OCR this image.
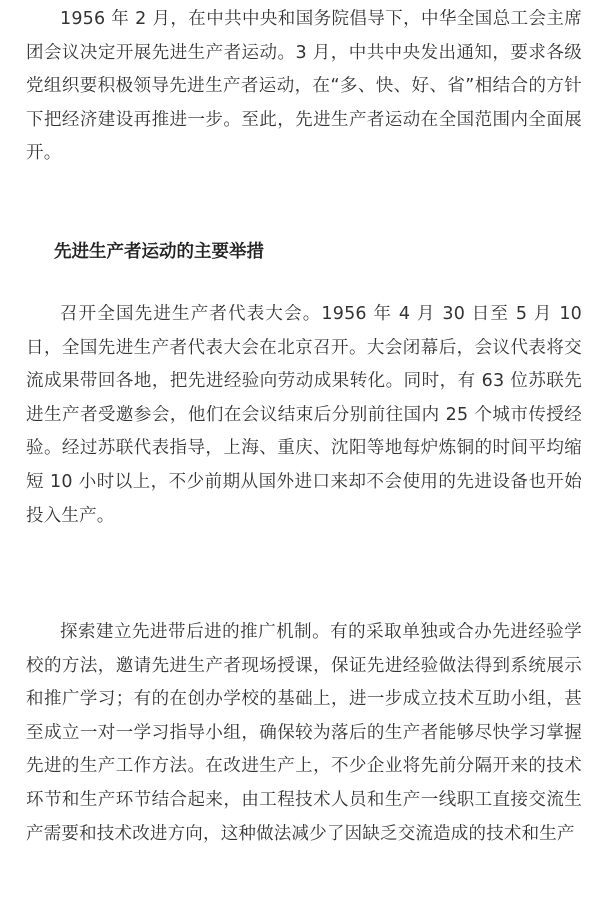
1956 年 2 月，在中共中央和国务院倡导下，中华全国总工会主席团会议决定开展先进生产者运动。3 月，中共中央发出通知，要求各级党组织要积极领导先进生产者运动，在“多、快、好、省”相结合的方针下把经济建设再推进一步。至此，先进生产者运动在全国范围内全面展开。

先进生产者运动的主要举措

召开全国先进生产者代表大会。1956 年 4 月 30 日至 5 月 10 日，全国先进生产者代表大会在北京召开。大会闭幕后，会议代表将交流成果带回各地，把先进经验向劳动成果转化。同时，有 63 位苏联先进生产者受邀参会，他们在会议结束后分别前往国内 25 个城市传授经验。经过苏联代表指导，上海、重庆、沈阳等地每炉炼铜的时间平均缩短 10 小时以上，不少前期从国外进口来却不会使用的先进设备也开始投入生产。

探索建立先进带后进的推广机制。有的采取单独或合办先进经验学校的方法，邀请先进生产者现场授课，保证先进经验做法得到系统展示和推广学习；有的在创办学校的基础上，进一步成立技术互助小组，甚至成立一对一学习指导小组，确保较为落后的生产者能够尽快学习掌握先进的生产工作方法。在改进生产上，不少企业将先前分隔开来的技术环节和生产环节结合起来，由工程技术人员和生产一线职工直接交流生产需要和技术改进方向，这种做法减少了因缺乏交流造成的技术和生产
